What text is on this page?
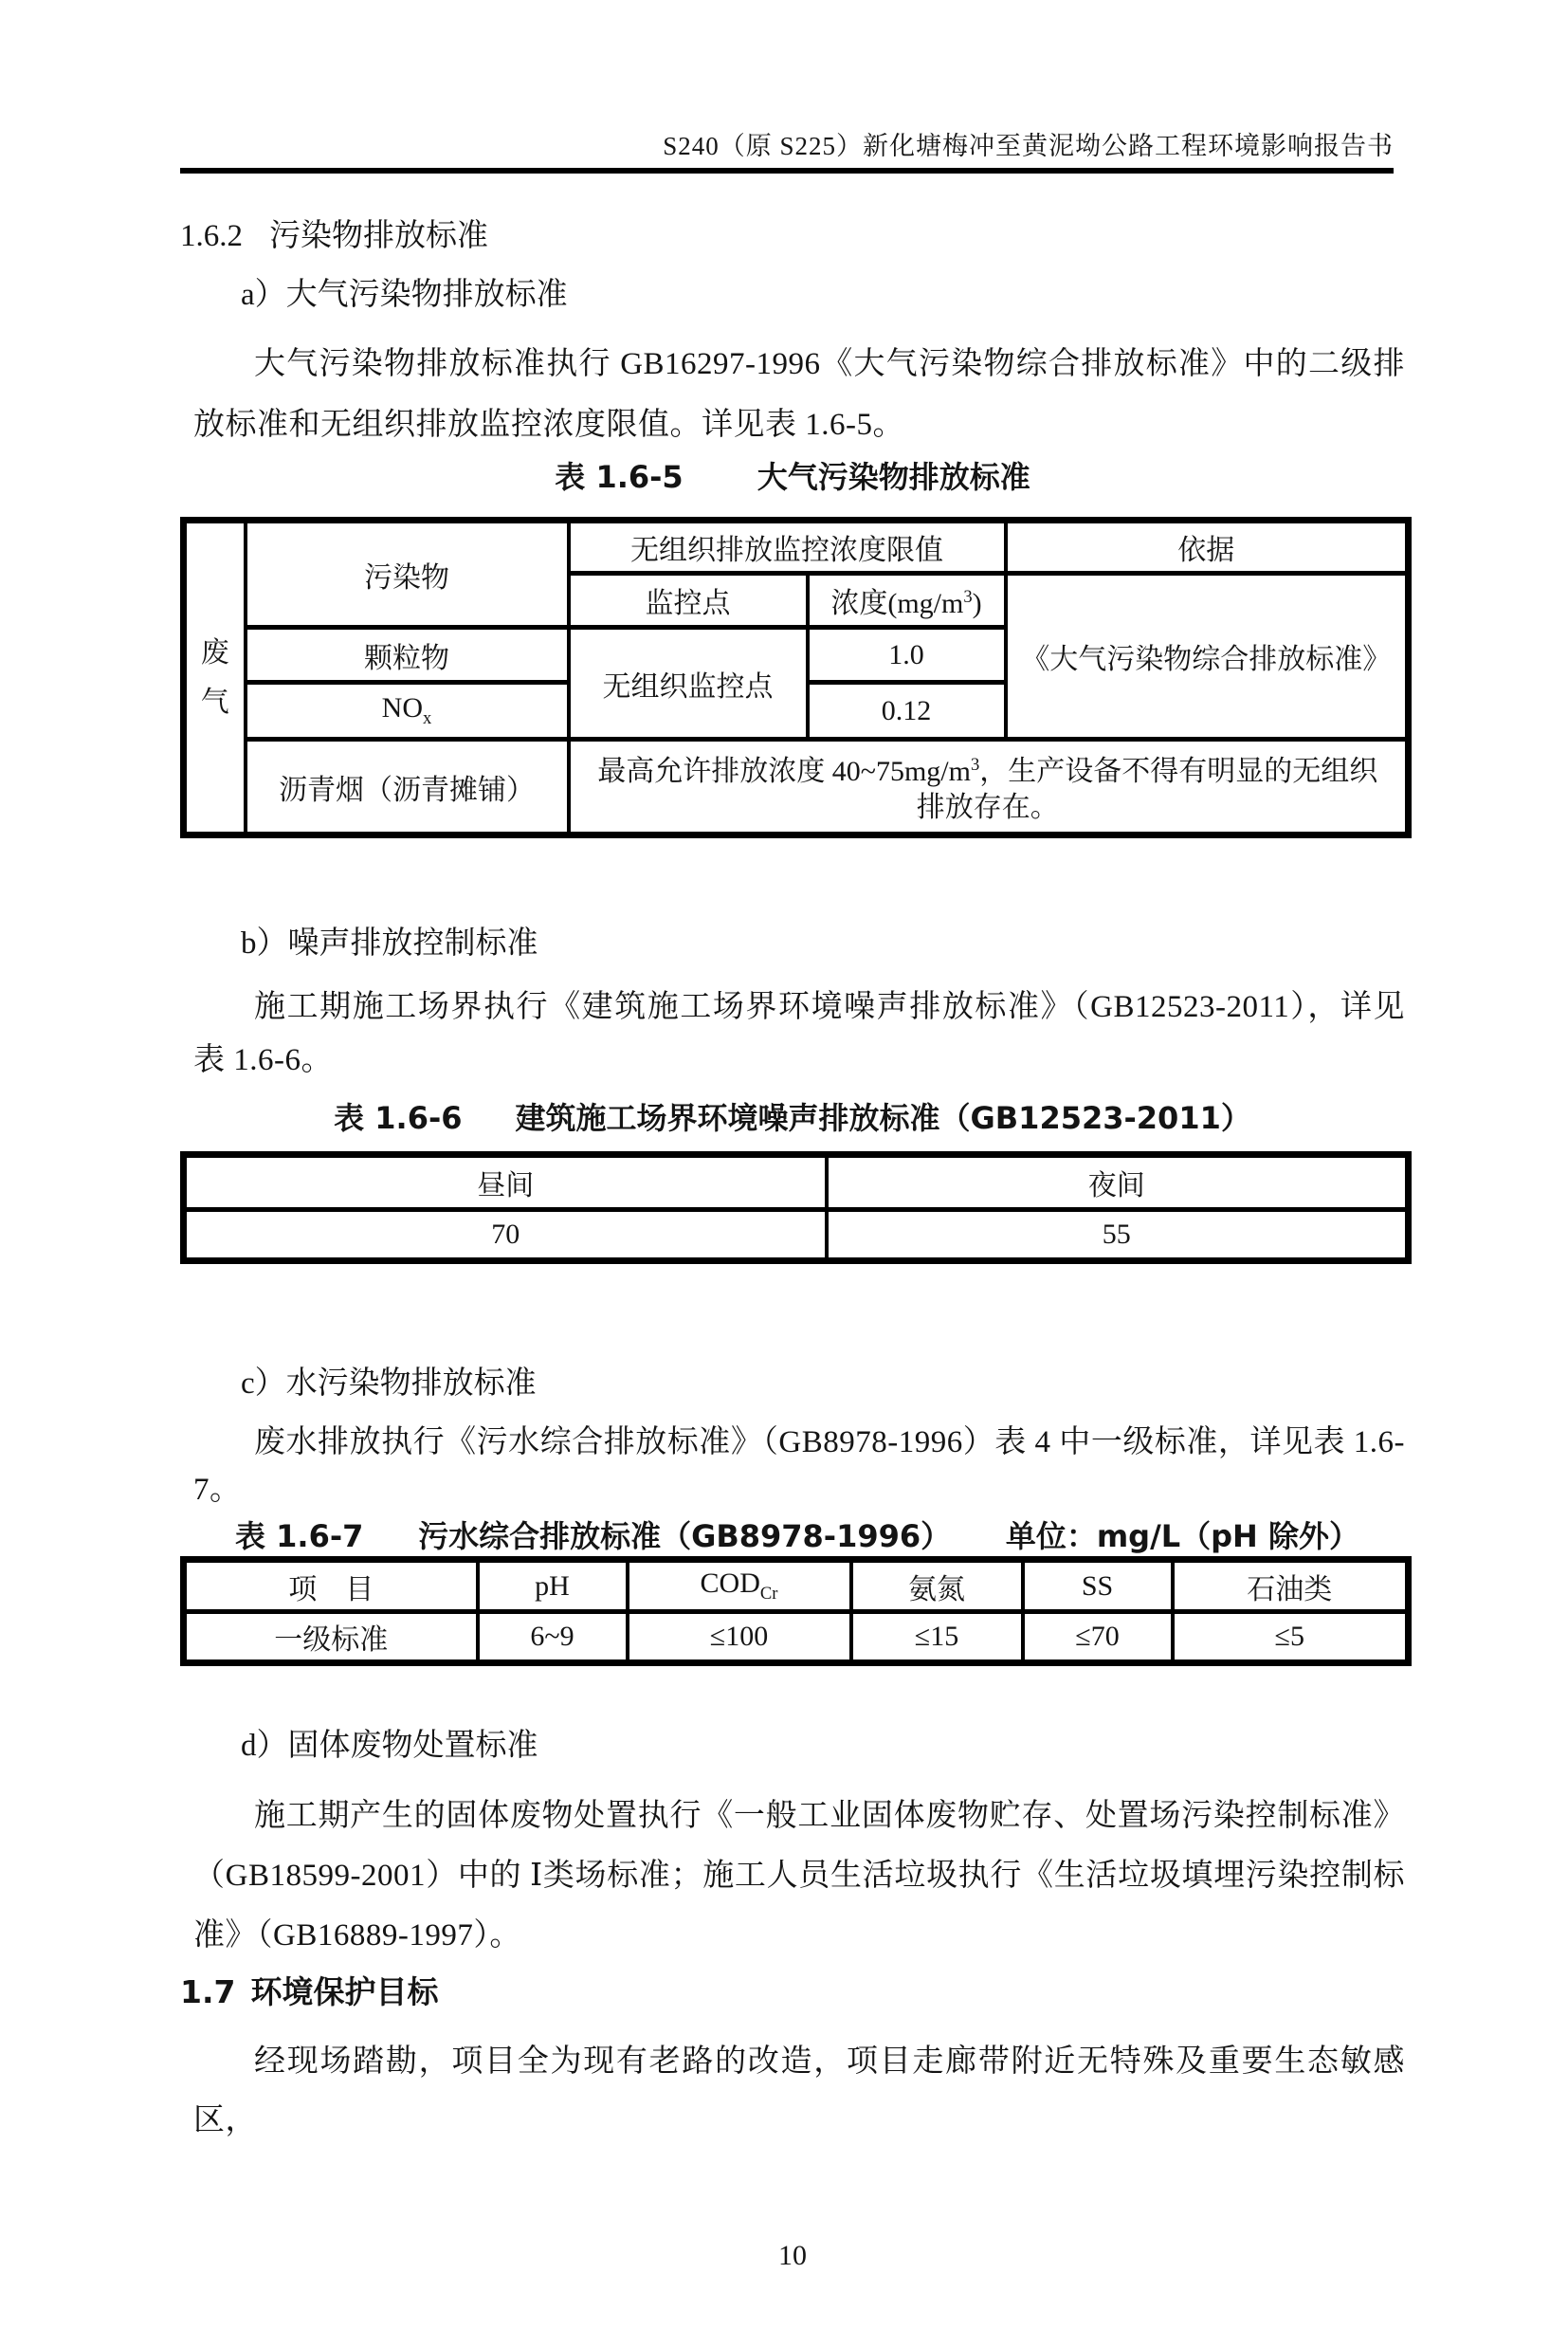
S240（原 S225）新化塘梅冲至黄泥坳公路工程环境影响报告书
1.6.2 污染物排放标准
a）大气污染物排放标准

大气污染物排放标准执行 GB16297-1996《大气污染物综合排放标准》中的二级排放标准和无组织排放监控浓度限值。详见表 1.6-5。

表 1.6-5 大气污染物排放标准
废气	污染物	无组织排放监控浓度限值		依据
		监控点	浓度$(mg/m^3)$	《大气污染物综合排放标准》
	颗粒物	无组织监控点	1.0	
	$NO_x$		0.12	
	沥青烟（沥青摊铺）	最高允许排放浓度 $40\sim 75mg/m^3$，生产设备不得有明显的无组织排放存在。		
b）噪声排放控制标准

施工期施工场界执行《建筑施工场界环境噪声排放标准》（GB12523-2011），详见 表 1.6-6。

表 1.6-6 建筑施工场界环境噪声排放标准（GB12523-2011）
昼间	夜间
70	55
c）水污染物排放标准

废水排放执行《污水综合排放标准》（GB8978-1996）表 4 中一级标准，详见表 1.6-7。

表 1.6-7 污水综合排放标准（GB8978-1996） 单位：mg/L（pH 除外）
项　目	pH	$COD_{Cr}$	氨氮	SS	石油类
一级标准	6~9	≤100	≤15	≤70	≤5
d）固体废物处置标准

施工期产生的固体废物处置执行《一般工业固体废物贮存、处置场污染控制标准》（GB18599-2001）中的 Ⅰ类场标准；施工人员生活垃圾执行《生活垃圾填埋污染控制标准》（GB16889-1997）。

1.7 环境保护目标

经现场踏勘，项目全为现有老路的改造，项目走廊带附近无特殊及重要生态敏感区，

10
